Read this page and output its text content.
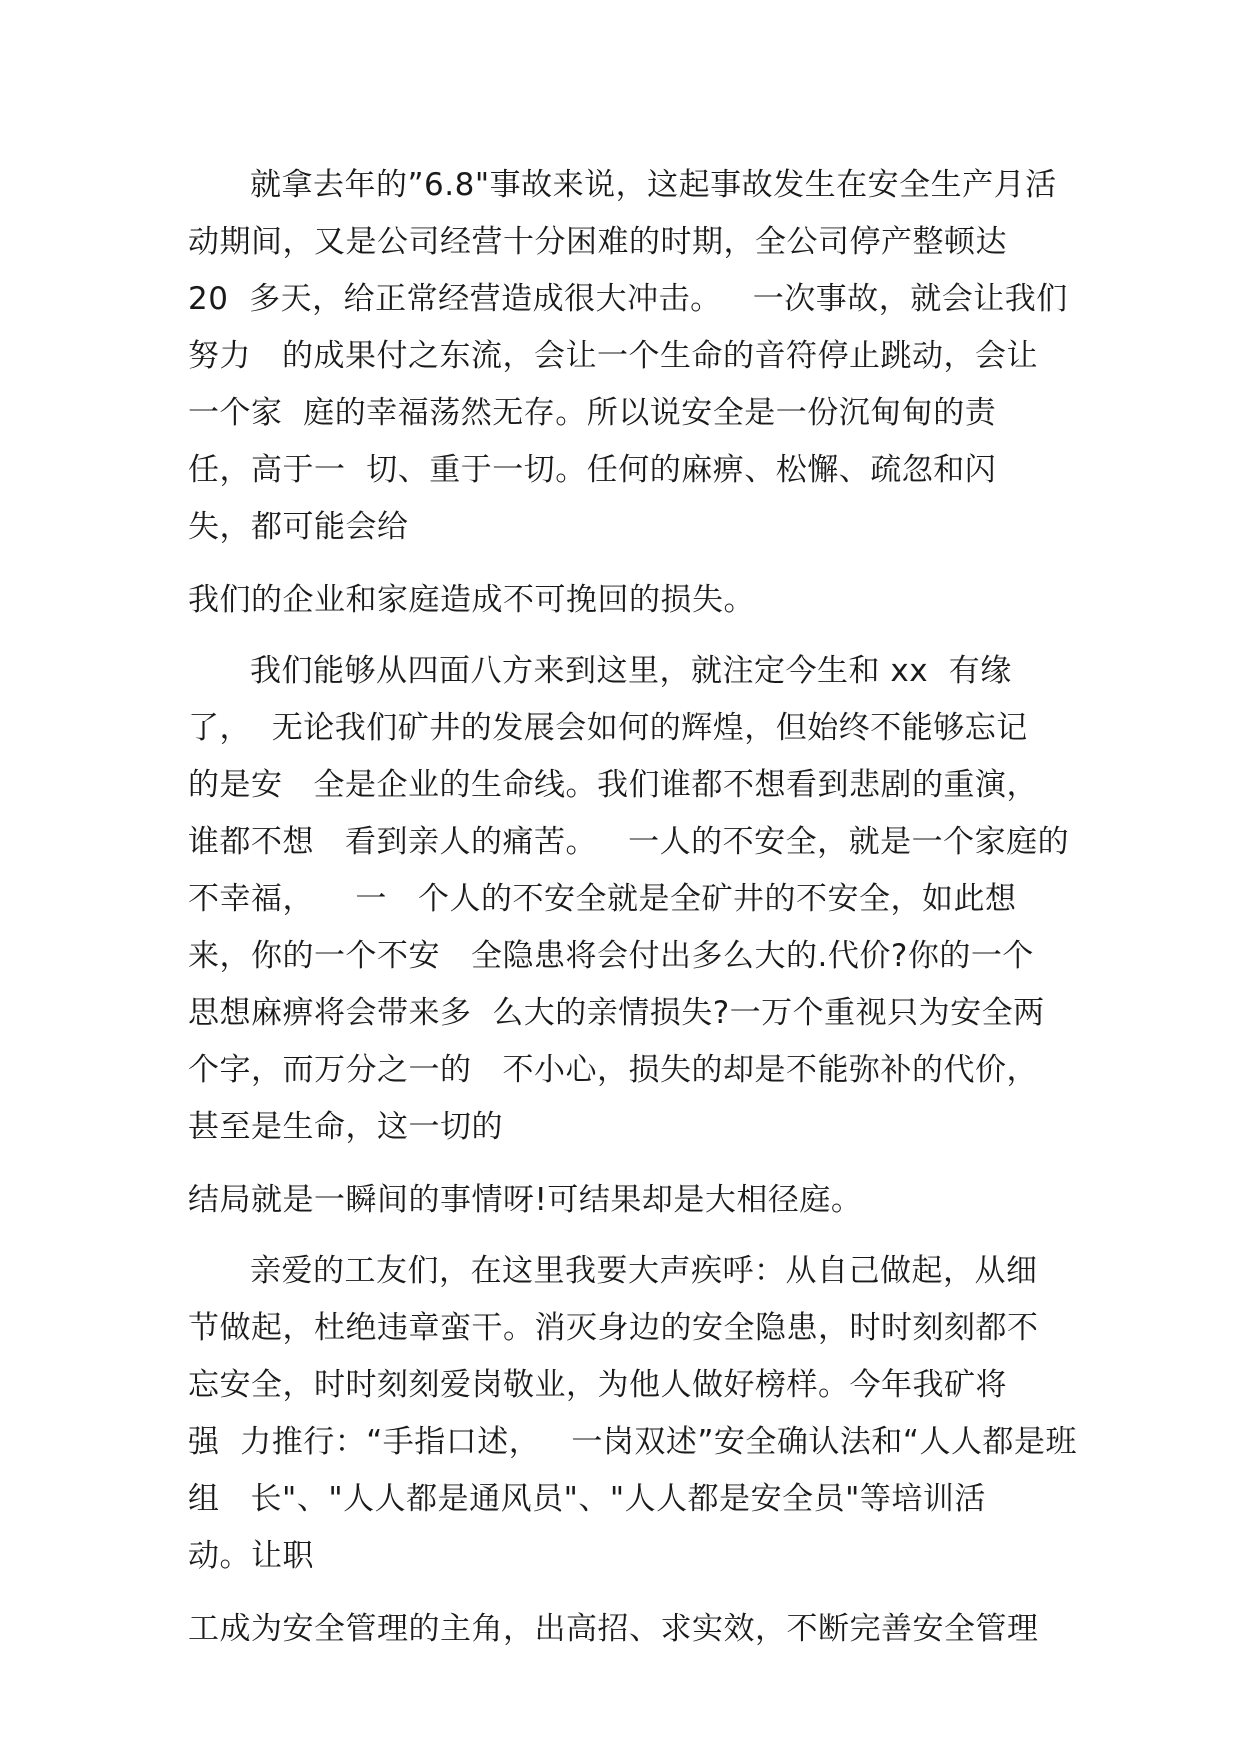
就拿去年的”6.8"事故来说，这起事故发生在安全生产月活

动期间，又是公司经营十分困难的时期，全公司停产整顿达

20  多天，给正常经营造成很大冲击。   一次事故，就会让我们

努力   的成果付之东流，会让一个生命的音符停止跳动，会让

一个家  庭的幸福荡然无存。所以说安全是一份沉甸甸的责

任，高于一  切、重于一切。任何的麻痹、松懈、疏忽和闪

失，都可能会给

我们的企业和家庭造成不可挽回的损失。

我们能够从四面八方来到这里，就注定今生和 xx  有缘

了，  无论我们矿井的发展会如何的辉煌，但始终不能够忘记

的是安   全是企业的生命线。我们谁都不想看到悲剧的重演，

谁都不想   看到亲人的痛苦。   一人的不安全，就是一个家庭的

不幸福，    一   个人的不安全就是全矿井的不安全，如此想

来，你的一个不安   全隐患将会付出多么大的.代价?你的一个

思想麻痹将会带来多  么大的亲情损失?一万个重视只为安全两

个字，而万分之一的   不小心，损失的却是不能弥补的代价，

甚至是生命，这一切的

结局就是一瞬间的事情呀!可结果却是大相径庭。

亲爱的工友们，在这里我要大声疾呼：从自己做起，从细

节做起，杜绝违章蛮干。消灭身边的安全隐患，时时刻刻都不

忘安全，时时刻刻爱岗敬业，为他人做好榜样。今年我矿将

强  力推行：“手指口述，   一岗双述”安全确认法和“人人都是班

组   长"、"人人都是通风员"、"人人都是安全员"等培训活

动。让职

工成为安全管理的主角，出高招、求实效，不断完善安全管理
